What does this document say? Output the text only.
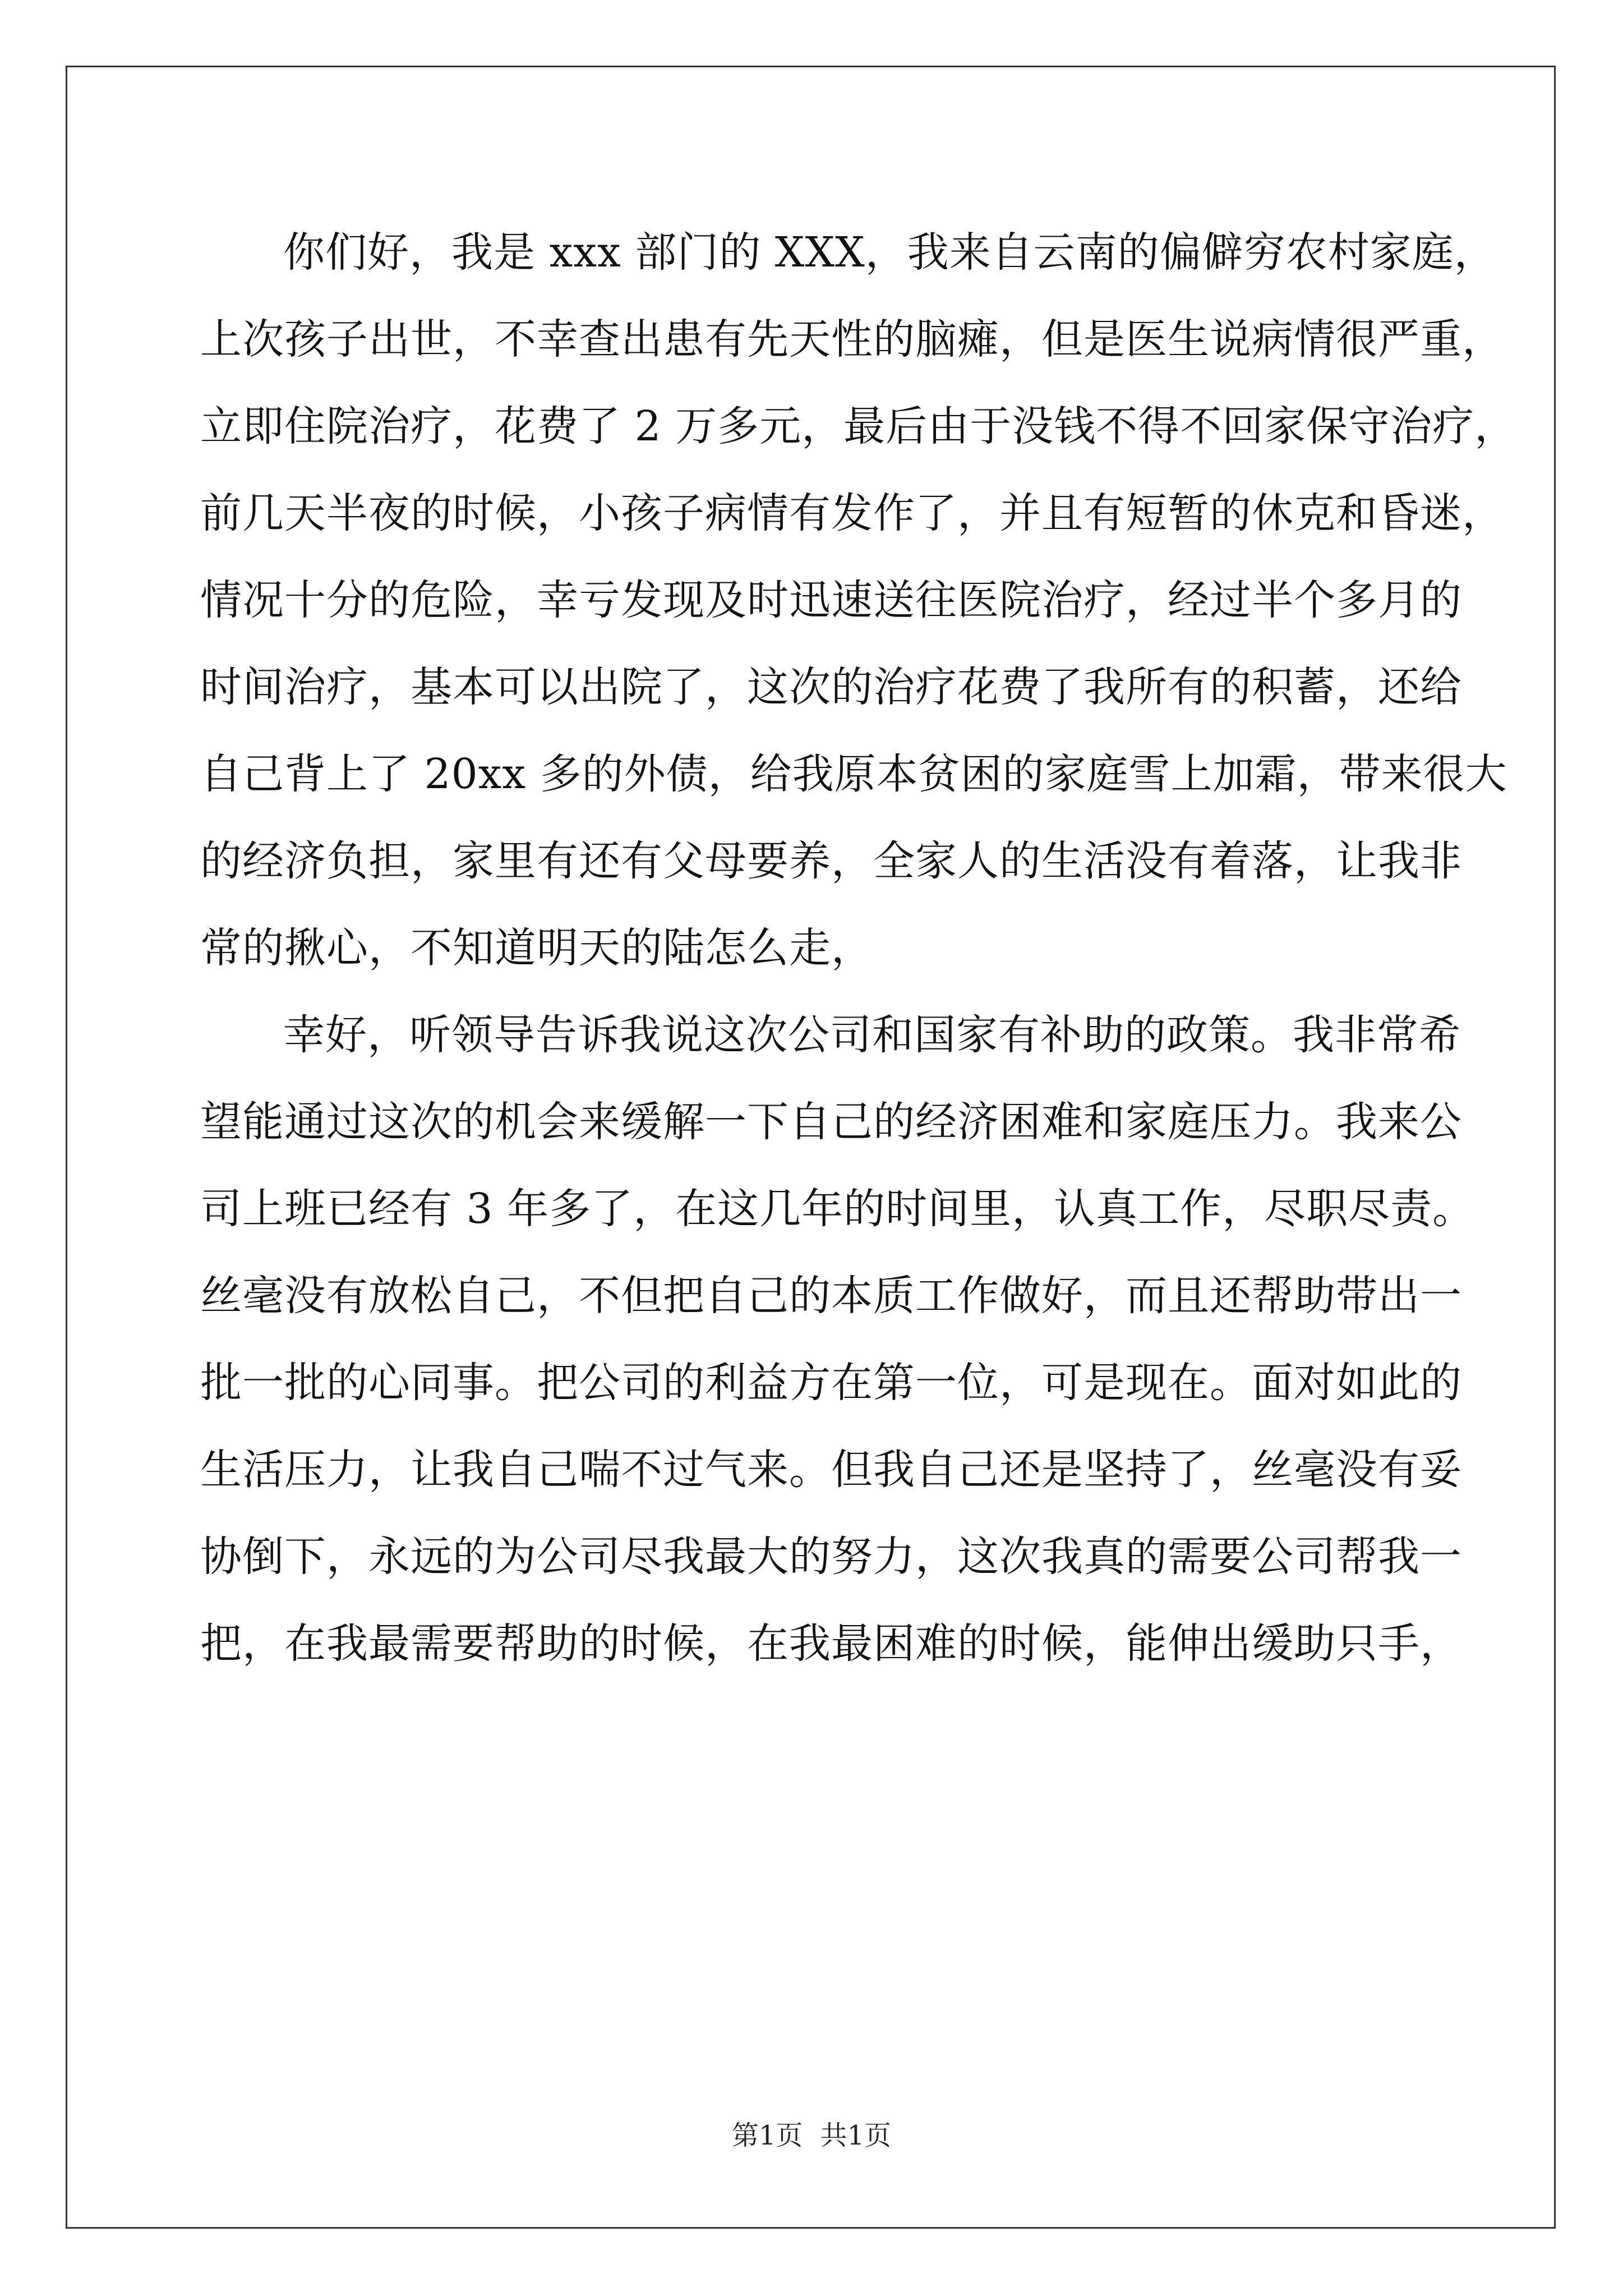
你们好，我是 xxx 部门的 XXX，我来自云南的偏僻穷农村家庭，
上次孩子出世，不幸查出患有先天性的脑瘫，但是医生说病情很严重，
立即住院治疗，花费了 2 万多元，最后由于没钱不得不回家保守治疗，
前几天半夜的时候，小孩子病情有发作了，并且有短暂的休克和昏迷，
情况十分的危险，幸亏发现及时迅速送往医院治疗，经过半个多月的
时间治疗，基本可以出院了，这次的治疗花费了我所有的积蓄，还给
自己背上了 20xx 多的外债，给我原本贫困的家庭雪上加霜，带来很大
的经济负担，家里有还有父母要养，全家人的生活没有着落，让我非
常的揪心，不知道明天的陆怎么走，

幸好，听领导告诉我说这次公司和国家有补助的政策。我非常希
望能通过这次的机会来缓解一下自己的经济困难和家庭压力。我来公
司上班已经有 3 年多了，在这几年的时间里，认真工作，尽职尽责。
丝毫没有放松自己，不但把自己的本质工作做好，而且还帮助带出一
批一批的心同事。把公司的利益方在第一位，可是现在。面对如此的
生活压力，让我自己喘不过气来。但我自己还是坚持了，丝毫没有妥
协倒下，永远的为公司尽我最大的努力，这次我真的需要公司帮我一
把，在我最需要帮助的时候，在我最困难的时候，能伸出缓助只手，

第1页 共1页
